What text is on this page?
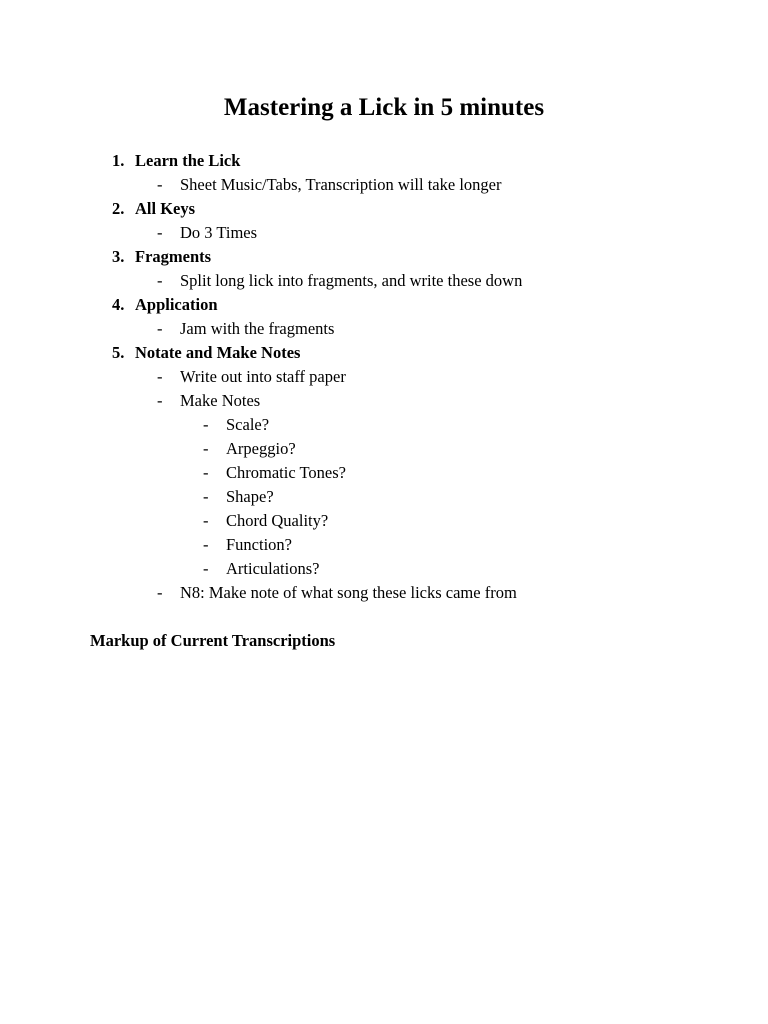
Mastering a Lick in 5 minutes
1. Learn the Lick
- Sheet Music/Tabs, Transcription will take longer
2. All Keys
- Do 3 Times
3. Fragments
- Split long lick into fragments, and write these down
4. Application
- Jam with the fragments
5. Notate and Make Notes
- Write out into staff paper
- Make Notes
- Scale?
- Arpeggio?
- Chromatic Tones?
- Shape?
- Chord Quality?
- Function?
- Articulations?
- N8: Make note of what song these licks came from
Markup of Current Transcriptions
